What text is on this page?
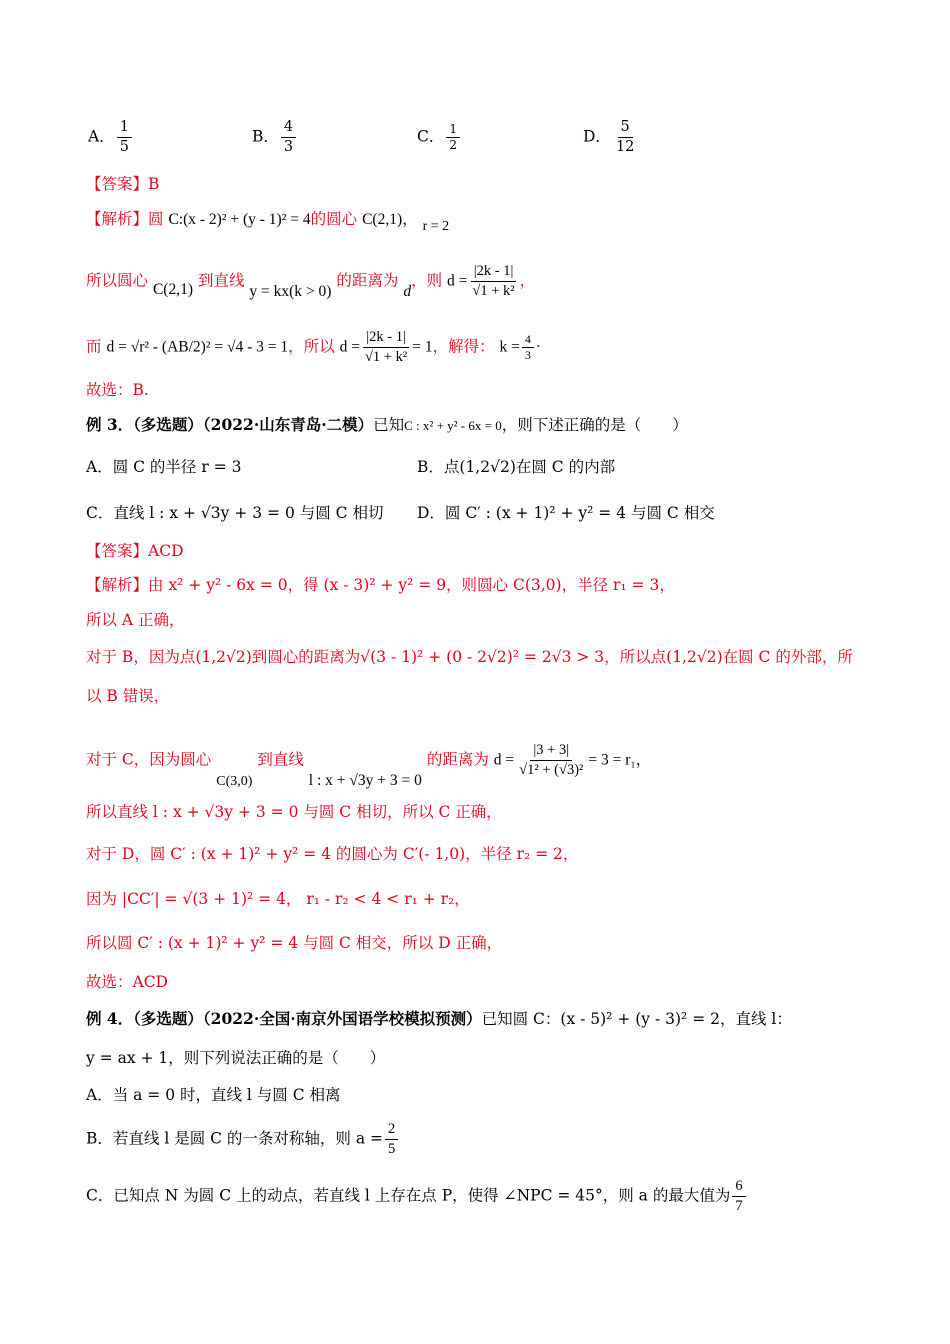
A． $\frac{1}{5}$	B． $\frac{4}{3}$	C． $\frac{1}{2}$	D． $\frac{5}{12}$
【答案】B
【解析】圆 C:(x - 2)² + (y - 1)² = 4的圆心 C(2,1)， r = 2
所以圆心 C(2,1) 到直线 y = kx(k > 0) 的距离为 d，则 $d = \frac{|2k - 1|}{\text{√1 + k²}}$ ，
而 d = √r² - (AB/2)² = √4 - 3 = 1，所以 $d = \frac{|2k - 1|}{\text{√1 + k²}} = 1$，解得： $k = \frac{4}{3}$ ·
故选：B.
例 3．（多选题）（2022·山东青岛·二模）已知C : x² + y² - 6x = 0，则下述正确的是（　　）
A．圆 C 的半径 r = 3	B．点(1,2√2)在圆 C 的内部
C．直线 l : x + √3y + 3 = 0 与圆 C 相切 D．圆 C′ : (x + 1)² + y² = 4 与圆 C 相交
【答案】ACD
【解析】由 x² + y² - 6x = 0，得 (x - 3)² + y² = 9，则圆心 C(3,0)，半径 r₁ = 3，
所以 A 正确，
对于 B，因为点(1,2√2)到圆心的距离为√(3 - 1)² + (0 - 2√2)² = 2√3 > 3，所以点(1,2√2)在圆 C 的外部，所
以 B 错误，
对于 C，因为圆心 C(3,0) 到直线 l : x + √3y + 3 = 0 的距离为 $d = \frac{|3 + 3|}{\text{√1² + (√3)²}} = 3 = r_1$，
所以直线 l : x + √3y + 3 = 0 与圆 C 相切，所以 C 正确，
对于 D，圆 C′ : (x + 1)² + y² = 4 的圆心为 C′(- 1,0)，半径 r₂ = 2，
因为 |CC′| = √(3 + 1)² = 4， r₁ - r₂ < 4 < r₁ + r₂，
所以圆 C′ : (x + 1)² + y² = 4 与圆 C 相交，所以 D 正确，
故选：ACD
例 4．（多选题）（2022·全国·南京外国语学校模拟预测）已知圆 C：(x - 5)² + (y - 3)² = 2，直线 l：
y = ax + 1，则下列说法正确的是（　　）
A．当 a = 0 时，直线 l 与圆 C 相离
B．若直线 l 是圆 C 的一条对称轴，则 $a = \frac{2}{5}$
C．已知点 N 为圆 C 上的动点，若直线 l 上存在点 P，使得 ∠NPC = 45°，则 a 的最大值为 $\frac{6}{7}$
